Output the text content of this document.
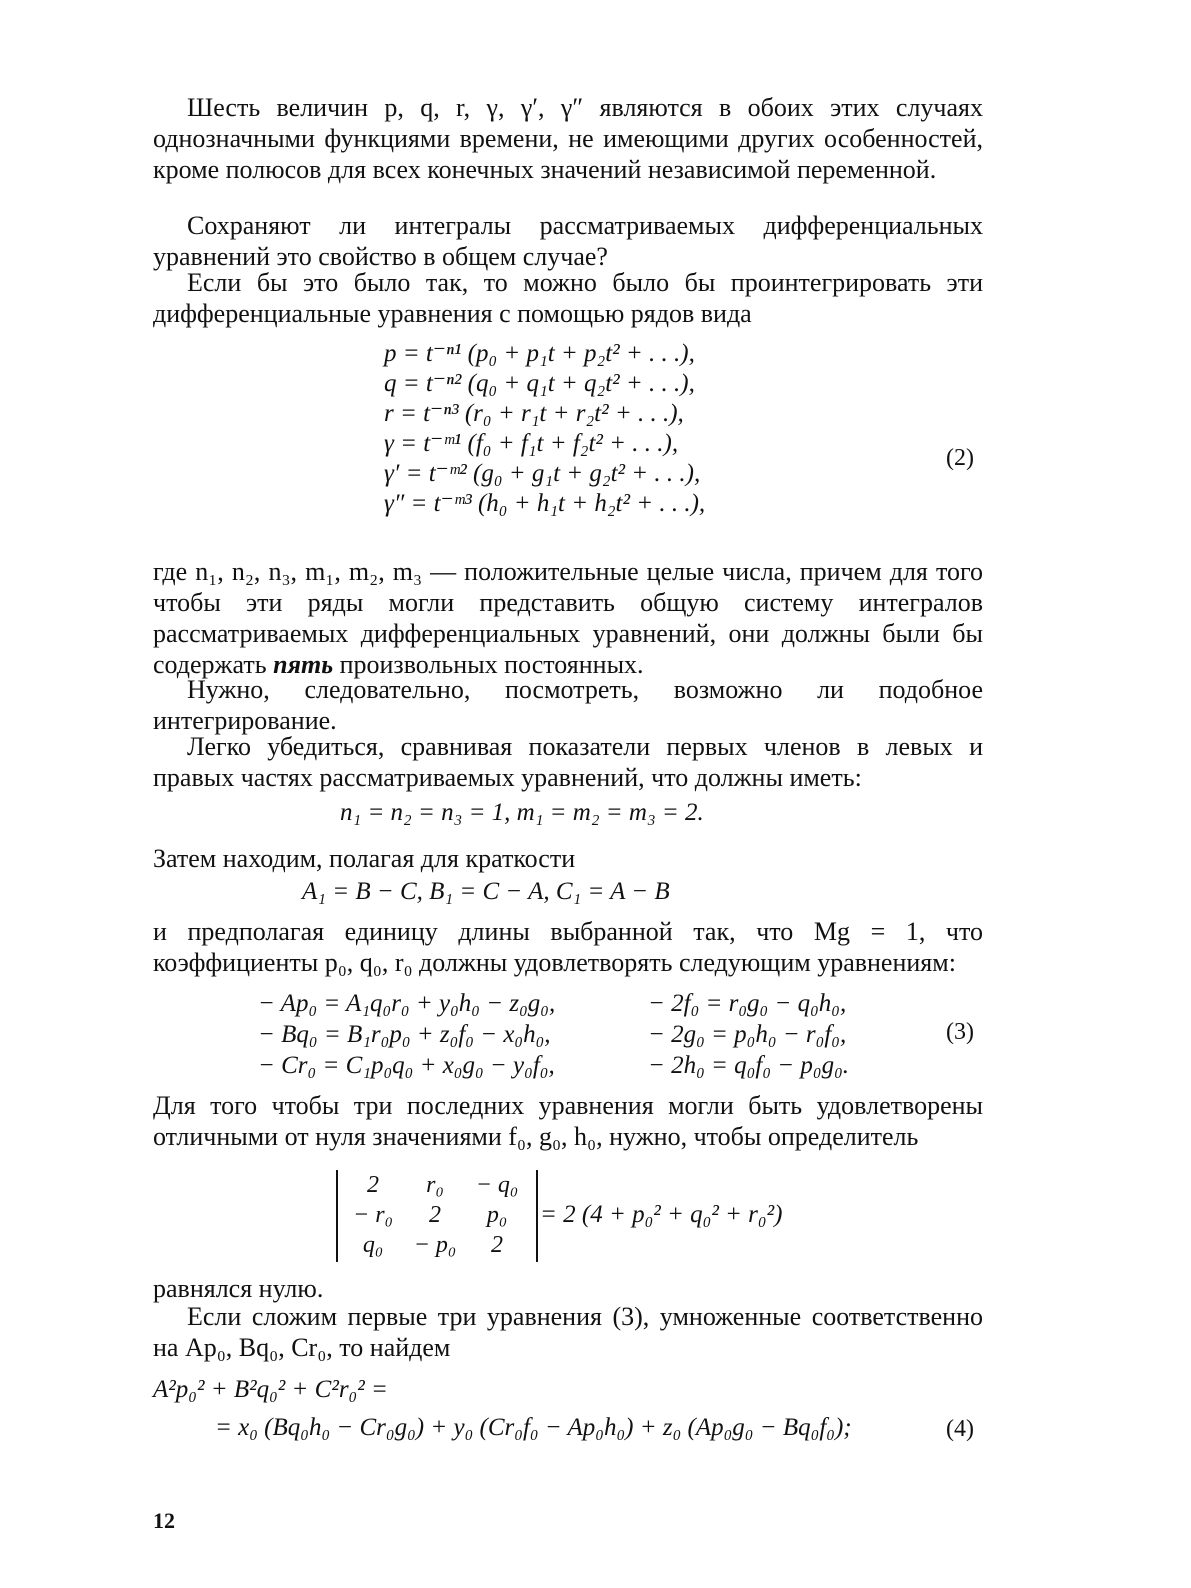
Шесть величин p, q, r, γ, γ′, γ″ являются в обоих этих случаях однозначными функциями времени, не имеющими других особенностей, кроме полюсов для всех конечных значений независимой переменной.
Сохраняют ли интегралы рассматриваемых дифференциальных уравнений это свойство в общем случае?
Если бы это было так, то можно было бы проинтегрировать эти дифференциальные уравнения с помощью рядов вида
p = t⁻ⁿ¹ (p₀ + p₁t + p₂t² + . . .),
q = t⁻ⁿ² (q₀ + q₁t + q₂t² + . . .),
r = t⁻ⁿ³ (r₀ + r₁t + r₂t² + . . .),
γ = t⁻ᵐ¹ (f₀ + f₁t + f₂t² + . . .),
γ′ = t⁻ᵐ² (g₀ + g₁t + g₂t² + . . .),
γ″ = t⁻ᵐ³ (h₀ + h₁t + h₂t² + . . .),
(2)
где n₁, n₂, n₃, m₁, m₂, m₃ — положительные целые числа, причем для того чтобы эти ряды могли представить общую систему интегралов рассматриваемых дифференциальных уравнений, они должны были бы содержать пять произвольных постоянных.
Нужно, следовательно, посмотреть, возможно ли подобное интегрирование.
Легко убедиться, сравнивая показатели первых членов в левых и правых частях рассматриваемых уравнений, что должны иметь:
n₁ = n₂ = n₃ = 1, m₁ = m₂ = m₃ = 2.
Затем находим, полагая для краткости
A₁ = B − C, B₁ = C − A, C₁ = A − B
и предполагая единицу длины выбранной так, что Mg = 1, что коэффициенты p₀, q₀, r₀ должны удовлетворять следующим уравнениям:
− Ap₀ = A₁q₀r₀ + y₀h₀ − z₀g₀,	− 2f₀ = r₀g₀ − q₀h₀,
− Bq₀ = B₁r₀p₀ + z₀f₀ − x₀h₀,	− 2g₀ = p₀h₀ − r₀f₀,
− Cr₀ = C₁p₀q₀ + x₀g₀ − y₀f₀,	− 2h₀ = q₀f₀ − p₀g₀.
(3)
Для того чтобы три последних уравнения могли быть удовлетворены отличными от нуля значениями f₀, g₀, h₀, нужно, чтобы определитель
2	r₀	− q₀
− r₀	2	p₀
q₀	− p₀	2
= 2 (4 + p₀² + q₀² + r₀²)
равнялся нулю.
Если сложим первые три уравнения (3), умноженные соответственно на Ap₀, Bq₀, Cr₀, то найдем
A²p₀² + B²q₀² + C²r₀² =
= x₀ (Bq₀h₀ − Cr₀g₀) + y₀ (Cr₀f₀ − Ap₀h₀) + z₀ (Ap₀g₀ − Bq₀f₀);	(4)
12
